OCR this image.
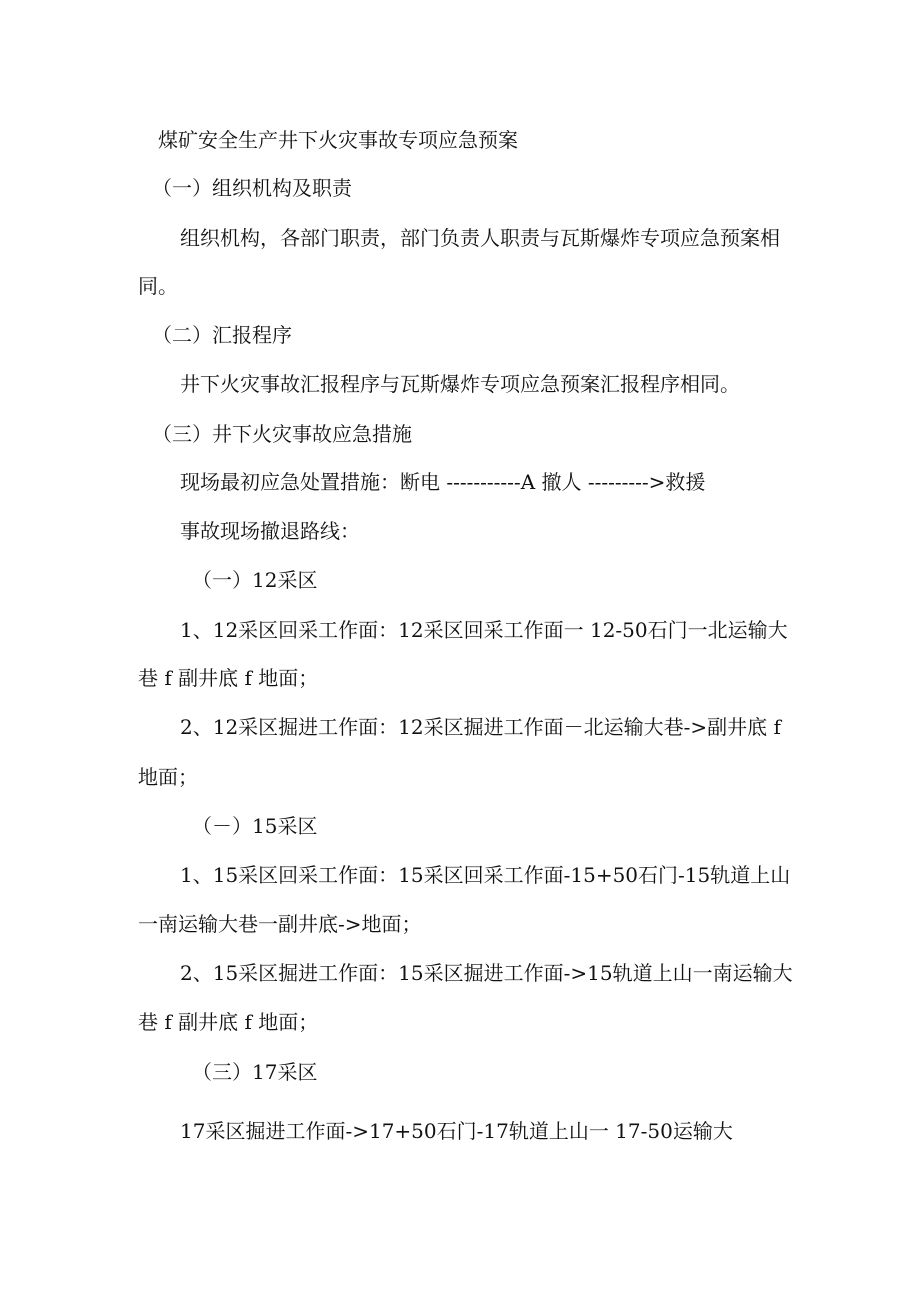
煤矿安全生产井下火灾事故专项应急预案
（一）组织机构及职责
组织机构，各部门职责，部门负责人职责与瓦斯爆炸专项应急预案相
同。
（二）汇报程序
井下火灾事故汇报程序与瓦斯爆炸专项应急预案汇报程序相同。
（三）井下火灾事故应急措施
现场最初应急处置措施：断电 -----------A 撤人 --------->救援
事故现场撤退路线：
（一）12采区
1、12采区回采工作面：12采区回采工作面一 12-50石门一北运输大
巷 f 副井底 f 地面；
2、12采区掘进工作面：12采区掘进工作面－北运输大巷->副井底 f
地面；
（－）15采区
1、15采区回采工作面：15采区回采工作面-15+50石门-15轨道上山
一南运输大巷一副井底->地面；
2、15采区掘进工作面：15采区掘进工作面->15轨道上山一南运输大
巷 f 副井底 f 地面；
（三）17采区
17采区掘进工作面->17+50石门-17轨道上山一 17-50运输大
